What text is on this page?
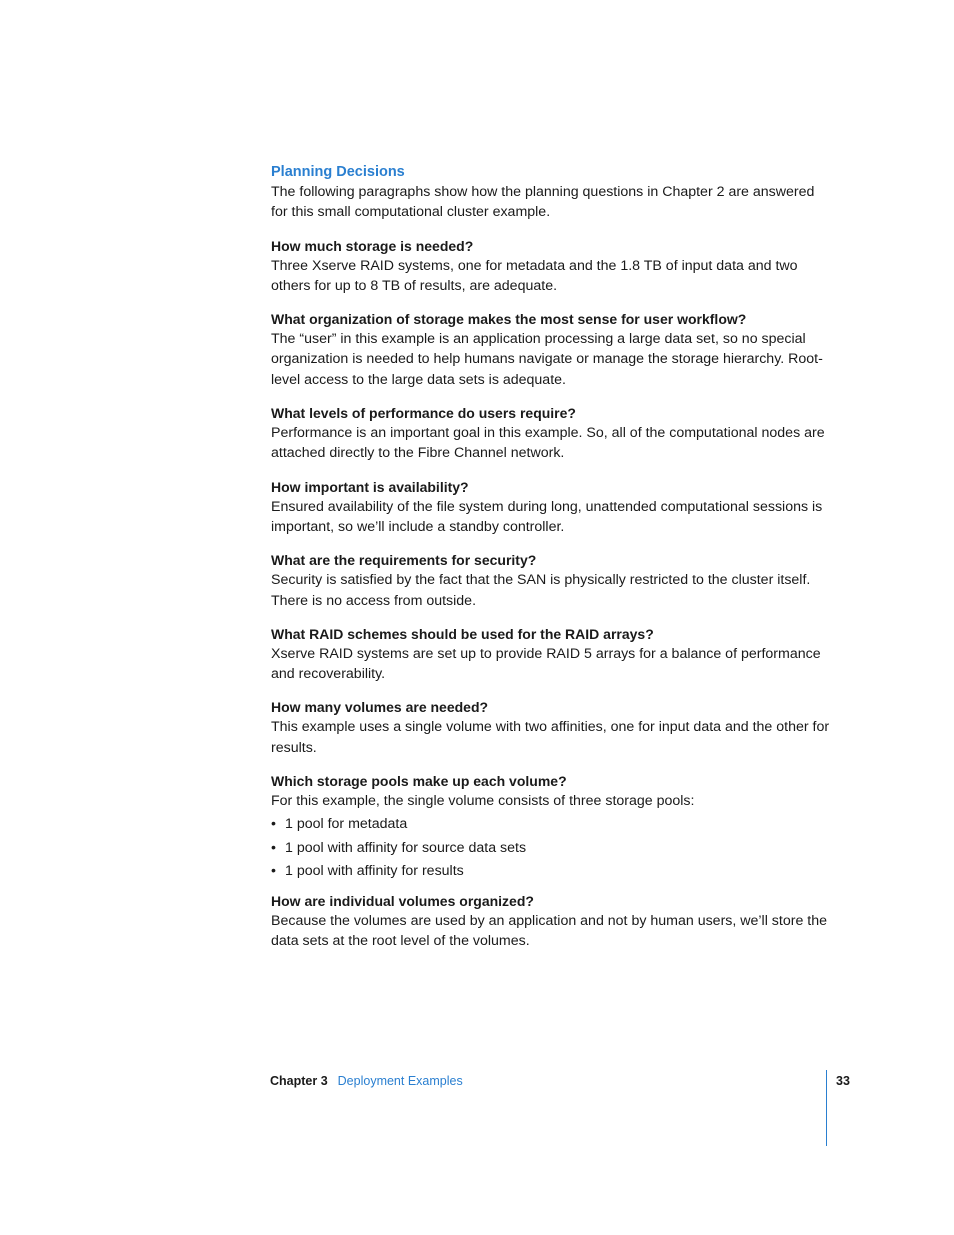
Planning Decisions

The following paragraphs show how the planning questions in Chapter 2 are answered for this small computational cluster example.

How much storage is needed?

Three Xserve RAID systems, one for metadata and the 1.8 TB of input data and two others for up to 8 TB of results, are adequate.

What organization of storage makes the most sense for user workflow?

The “user” in this example is an application processing a large data set, so no special organization is needed to help humans navigate or manage the storage hierarchy. Root-level access to the large data sets is adequate.

What levels of performance do users require?

Performance is an important goal in this example. So, all of the computational nodes are attached directly to the Fibre Channel network.

How important is availability?

Ensured availability of the file system during long, unattended computational sessions is important, so we’ll include a standby controller.

What are the requirements for security?

Security is satisfied by the fact that the SAN is physically restricted to the cluster itself. There is no access from outside.

What RAID schemes should be used for the RAID arrays?

Xserve RAID systems are set up to provide RAID 5 arrays for a balance of performance and recoverability.

How many volumes are needed?

This example uses a single volume with two affinities, one for input data and the other for results.

Which storage pools make up each volume?

For this example, the single volume consists of three storage pools:

• 1 pool for metadata
• 1 pool with affinity for source data sets
• 1 pool with affinity for results

How are individual volumes organized?

Because the volumes are used by an application and not by human users, we’ll store the data sets at the root level of the volumes.

Chapter 3 Deployment Examples	33
